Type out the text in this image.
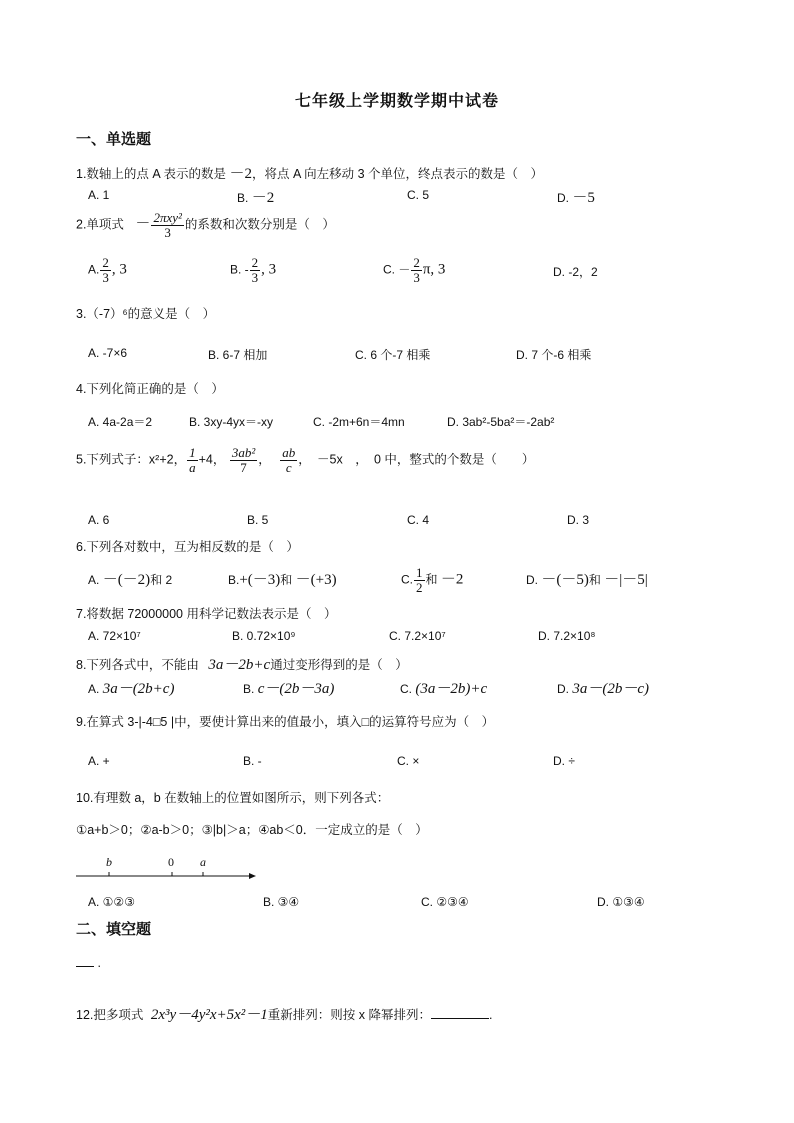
七年级上学期数学期中试卷
一、单选题
1.数轴上的点 A 表示的数是 －2，将点 A 向左移动 3 个单位，终点表示的数是（　）
A. 1	B. －2	C. 5	D. －5
2.单项式 － $\frac{\text{2πxy²}}{3}$ 的系数和次数分别是（　）
A. $\frac{2}{3}$ , 3	B. - $\frac{2}{3}$ , 3	C. － $\frac{2}{3} \pi$, 3	D. -2，2
3.（-7）⁶的意义是（　）
A. -7×6	B. 6-7 相加	C. 6 个-7 相乘	D. 7 个-6 相乘
4.下列化简正确的是（　）
A. 4a-2a＝2	B. 3xy-4yx＝-xy	C. -2m+6n＝4mn	D. 3ab²-5ba²＝-2ab²
5.下列式子：x²+2， $\frac{1}{a} +4$， $\frac{\text{3ab²}}{7}$ ， $\frac{ab}{c}$ ，　－5x　，　0 中，整式的个数是（　　）
A. 6	B. 5	C. 4	D. 3
6.下列各对数中，互为相反数的是（　）
A. －(－2)和 2	B.+(－3)和 －(+3)	C. $\frac{1}{2}$ 和 －2	D. －(－5)和 －|－5|
7.将数据 72000000 用科学记数法表示是（　）
A. 72×10⁷	B. 0.72×10⁹	C. 7.2×10⁷	D. 7.2×10⁸
8.下列各式中，不能由 3a－2b+c通过变形得到的是（　）
A. 3a－(2b+c)	B. c－(2b－3a)	C. (3a－2b)+c	D. 3a－(2b－c)
9.在算式 3-|-4□5 |中，要使计算出来的值最小，填入□的运算符号应为（　）
A. +	B. -	C. ×	D. ÷
10.有理数 a，b 在数轴上的位置如图所示，则下列各式：
①a+b＞0；②a-b＞0；③|b|＞a；④ab＜0．一定成立的是（　）
b	0 a
A. ①②③	B. ③④	C. ②③④	D. ①③④
二、填空题
.
12.把多项式 2x³y－4y²x+5x²－1重新排列：则按 x 降幂排列：	.
